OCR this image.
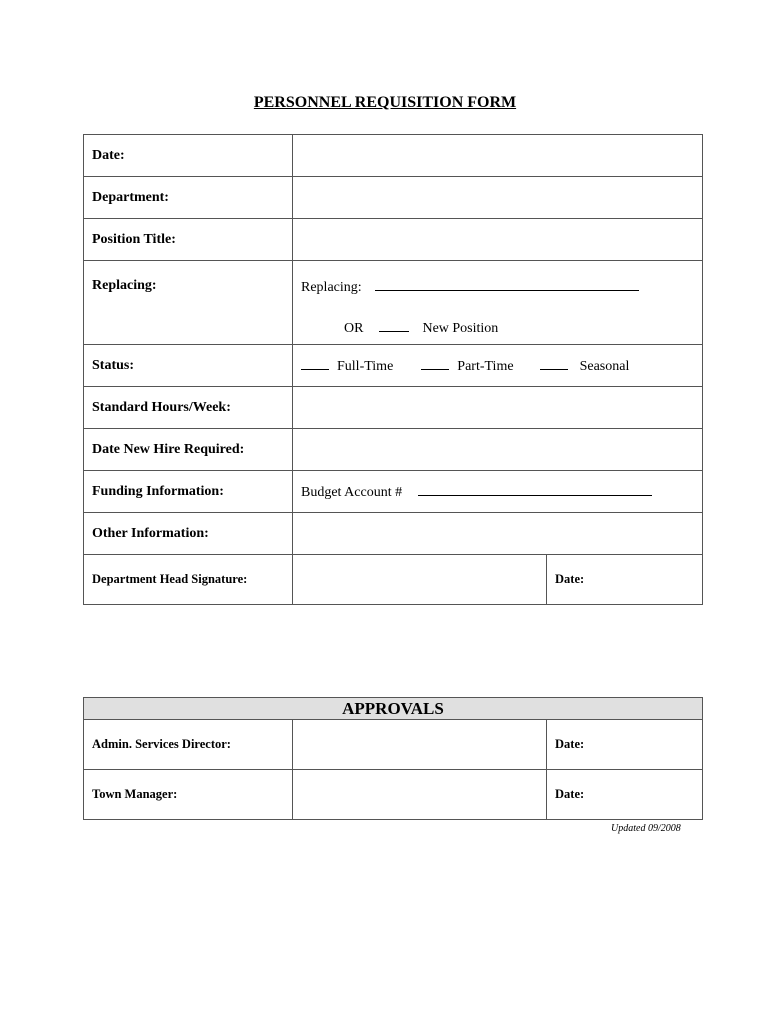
PERSONNEL REQUISITION FORM
Date:		
Department:		
Position Title:		
Replacing:	Replacing:
OR New Position	

Status:	Full-Time Part-Time Seasonal	

Standard Hours/Week:		
Date New Hire Required:		
Funding Information:	Budget Account #	
Other Information:		
Department Head Signature:		Date:
APPROVALS		
Admin. Services Director:		Date:
Town Manager:		Date:
Updated 09/2008
